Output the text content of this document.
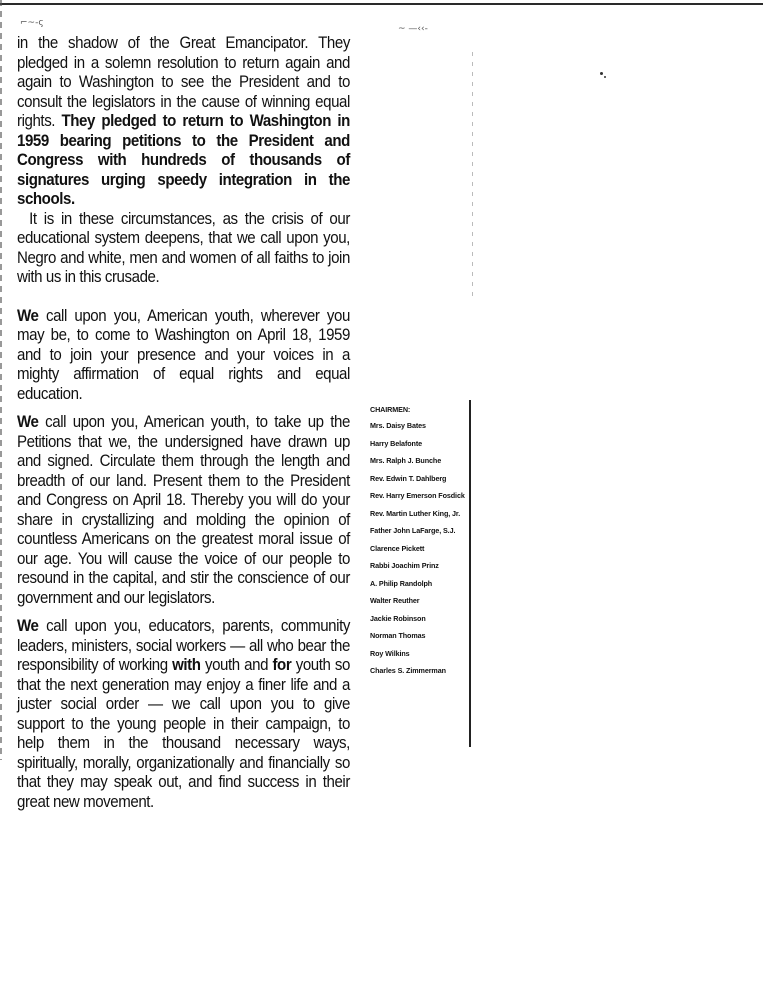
⌐~-ς
~ —‹‹-

in the shadow of the Great Emancipator. They pledged in a solemn resolution to return again and again to Washington to see the President and to consult the legislators in the cause of winning equal rights. They pledged to return to Washington in 1959 bearing petitions to the President and Congress with hundreds of thousands of signatures urging speedy integration in the schools.

It is in these circumstances, as the crisis of our educational system deepens, that we call upon you, Negro and white, men and women of all faiths to join with us in this crusade.

We call upon you, American youth, wherever you may be, to come to Washington on April 18, 1959 and to join your presence and your voices in a mighty affirmation of equal rights and equal education.

We call upon you, American youth, to take up the Petitions that we, the undersigned have drawn up and signed. Circulate them through the length and breadth of our land. Present them to the President and Congress on April 18. Thereby you will do your share in crystallizing and molding the opinion of countless Americans on the greatest moral issue of our age. You will cause the voice of our people to resound in the capital, and stir the conscience of our government and our legislators.

We call upon you, educators, parents, community leaders, ministers, social workers — all who bear the responsibility of working with youth and for youth so that the next generation may enjoy a finer life and a juster social order — we call upon you to give support to the young people in their campaign, to help them in the thousand necessary ways, spiritually, morally, organizationally and financially so that they may speak out, and find success in their great new movement.

CHAIRMEN:
Mrs. Daisy Bates
Harry Belafonte
Mrs. Ralph J. Bunche
Rev. Edwin T. Dahlberg
Rev. Harry Emerson Fosdick
Rev. Martin Luther King, Jr.
Father John LaFarge, S.J.
Clarence Pickett
Rabbi Joachim Prinz
A. Philip Randolph
Walter Reuther
Jackie Robinson
Norman Thomas
Roy Wilkins
Charles S. Zimmerman
